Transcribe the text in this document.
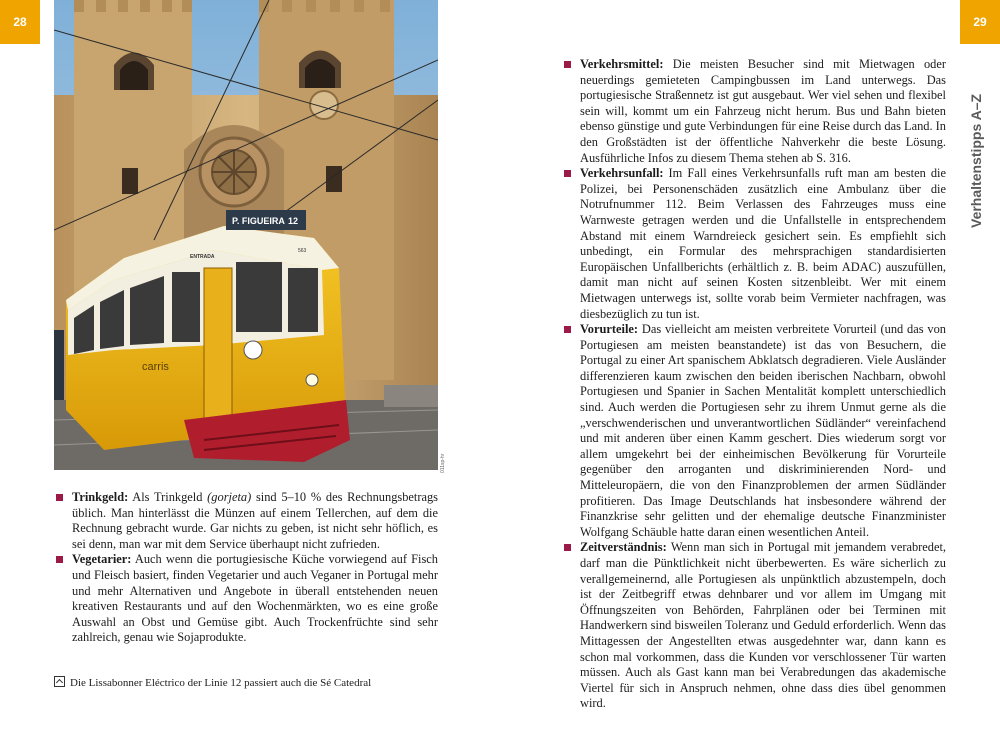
28	29
Verhaltenstipps A–Z
P. FIGUEIRA 12
ENTRADA
563
carris
011sp-hr
Trinkgeld: Als Trinkgeld (gorjeta) sind 5–10 % des Rechnungsbetrags üblich. Man hinterlässt die Münzen auf einem Tellerchen, auf dem die Rechnung gebracht wurde. Gar nichts zu geben, ist nicht sehr höflich, es sei denn, man war mit dem Service überhaupt nicht zufrieden.
Vegetarier: Auch wenn die portugiesische Küche vorwiegend auf Fisch und Fleisch basiert, finden Vegetarier und auch Veganer in Portugal mehr und mehr Alternativen und Angebote in überall entstehenden neuen kreativen Restaurants und auf den Wochenmärkten, wo es eine große Auswahl an Obst und Gemüse gibt. Auch Trockenfrüchte sind sehr zahlreich, genau wie Sojaprodukte.
Die Lissabonner Eléctrico der Linie 12 passiert auch die Sé Catedral
Verkehrsmittel: Die meisten Besucher sind mit Mietwagen oder neuerdings gemieteten Campingbussen im Land unterwegs. Das portugiesische Straßennetz ist gut ausgebaut. Wer viel sehen und flexibel sein will, kommt um ein Fahrzeug nicht herum. Bus und Bahn bieten ebenso günstige und gute Verbindungen für eine Reise durch das Land. In den Großstädten ist der öffentliche Nahverkehr die beste Lösung. Ausführliche Infos zu diesem Thema stehen ab S. 316.
Verkehrsunfall: Im Fall eines Verkehrsunfalls ruft man am besten die Polizei, bei Personenschäden zusätzlich eine Ambulanz über die Notrufnummer 112. Beim Verlassen des Fahrzeuges muss eine Warnweste getragen werden und die Unfallstelle in entsprechendem Abstand mit einem Warndreieck gesichert sein. Es empfiehlt sich unbedingt, ein Formular des mehrsprachigen standardisierten Europäischen Unfallberichts (erhältlich z. B. beim ADAC) auszufüllen, damit man nicht auf seinen Kosten sitzenbleibt. Wer mit einem Mietwagen unterwegs ist, sollte vorab beim Vermieter nachfragen, was diesbezüglich zu tun ist.
Vorurteile: Das vielleicht am meisten verbreitete Vorurteil (und das von Portugiesen am meisten beanstandete) ist das von Besuchern, die Portugal zu einer Art spanischem Abklatsch degradieren. Viele Ausländer differenzieren kaum zwischen den beiden iberischen Nachbarn, obwohl Portugiesen und Spanier in Sachen Mentalität komplett unterschiedlich sind. Auch werden die Portugiesen sehr zu ihrem Unmut gerne als die „verschwenderischen und unverantwortlichen Südländer“ vereinfachend und mit anderen über einen Kamm geschert. Dies wiederum sorgt vor allem umgekehrt bei der einheimischen Bevölkerung für Vorurteile gegenüber den arroganten und diskriminierenden Nord- und Mitteleuropäern, die von den Finanzproblemen der armen Südländer profitieren. Das Image Deutschlands hat insbesondere während der Finanzkrise sehr gelitten und der ehemalige deutsche Finanzminister Wolfgang Schäuble hatte daran einen wesentlichen Anteil.
Zeitverständnis: Wenn man sich in Portugal mit jemandem verabredet, darf man die Pünktlichkeit nicht überbewerten. Es wäre sicherlich zu verallgemeinernd, alle Portugiesen als unpünktlich abzustempeln, doch ist der Zeitbegriff etwas dehnbarer und vor allem im Umgang mit Öffnungszeiten von Behörden, Fahrplänen oder bei Terminen mit Handwerkern sind bisweilen Toleranz und Geduld erforderlich. Wenn das Mittagessen der Angestellten etwas ausgedehnter war, dann kann es schon mal vorkommen, dass die Kunden vor verschlossener Tür warten müssen. Auch als Gast kann man bei Verabredungen das akademische Viertel für sich in Anspruch nehmen, ohne dass dies übel genommen wird.
